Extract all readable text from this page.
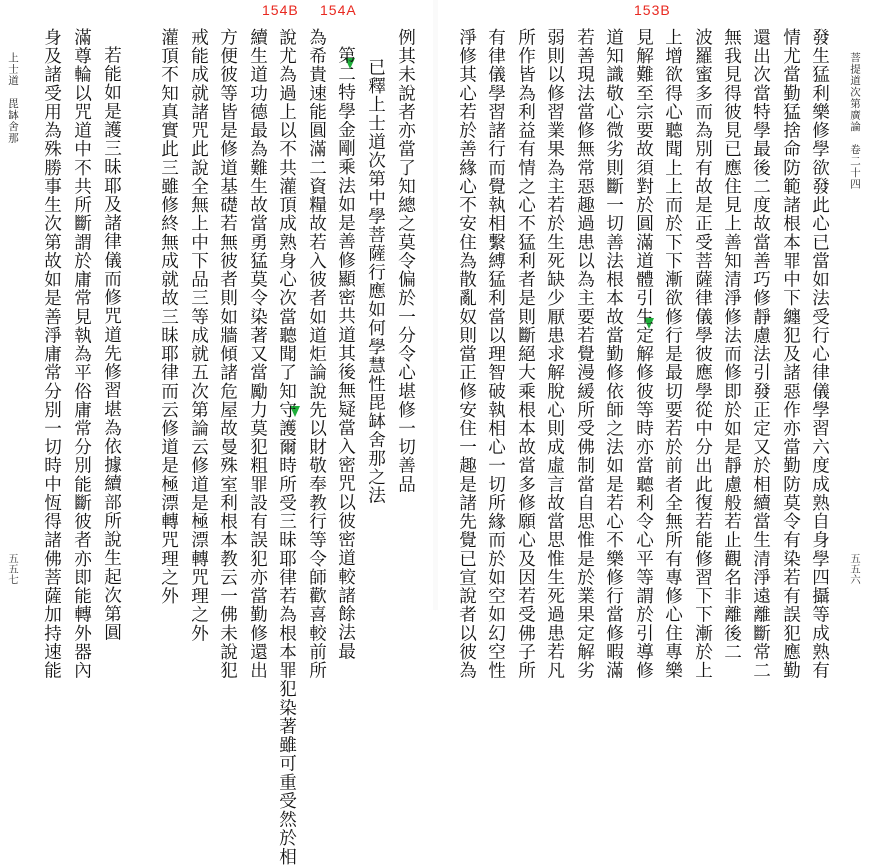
上士道　毘缽舍那
五五七
154B 154A
例其未說者亦當了知總之莫令偏於一分令心堪修一切善品
已釋上士道次第中學菩薩行應如何學慧性毘缽舍那之法
第二特學金剛乘法如是善修顯密共道其後無疑當入密咒以彼密道較諸餘法最
為希貴速能圓滿二資糧故若入彼者如道炬論說先以財敬奉教行等令師歡喜較前所
說尤為過上以不共灌頂成熟身心次當聽聞了知守護爾時所受三昧耶律若為根本罪犯染著雖可重受然於相
續生道功德最為難生故當勇猛莫令染著又當勵力莫犯粗罪設有誤犯亦當勤修還出
方便彼等皆是修道基礎若無彼者則如牆傾諸危屋故曼殊室利根本教云一佛未說犯
戒能成就諸咒此說全無上中下品三等成就五次第論云修道是極漂轉咒理之外
灌頂不知真實此三雖修終無成就故三昧耶律而云修道是極漂轉咒理之外
若能如是護三昧耶及諸律儀而修咒道先修習堪為依據續部所說生起次第圓
滿尊輪以咒道中不共所斷謂於庸常見執為平俗庸常分別能斷彼者亦即能轉外器內
身及諸受用為殊勝事生次第故如是善淨庸常分別一切時中恆得諸佛菩薩加持速能	菩提道次第廣論　卷二十四
五五六
153B
發生猛利樂修學欲發此心已當如法受行心律儀學習六度成熟自身學四攝等成熟有
情尤當勤猛捨命防範諸根本罪中下纏犯及諸惡作亦當勤防莫令有染若有誤犯應勤
還出次當特學最後二度故當善巧修靜慮法引發正定又於相續當生清淨遠離斷常二
無我見得彼見已應住見上善知清淨修法而修即於如是靜慮般若止觀名非離後二
波羅蜜多而為別有故是正受菩薩律儀學彼應學從中分出此復若能修習下下漸於上
上增欲得心聽聞上上而於下下漸欲修行是最切要若於前者全無所有專修心住專樂
見解難至宗要故須對於圓滿道體引生定解修彼等時亦當聽利令心平等謂於引導修
道知識敬心微劣則斷一切善法根本故當勤修依師之法如是若心不樂修行當修暇滿
若善現法當修無常惡趣過患以為主要若覺漫緩所受佛制當自思惟是於業果定解劣
弱則以修習業果為主若於生死缺少厭患求解脫心則成虛言故當思惟生死過患若凡
所作皆為利益有情之心不猛利者是則斷絕大乘根本故當多修願心及因若受佛子所
有律儀學習諸行而覺執相繫縛猛利當以理智破執相心一切所緣而於如空如幻空性
淨修其心若於善緣心不安住為散亂奴則當正修安住一趣是諸先覺已宣說者以彼為
